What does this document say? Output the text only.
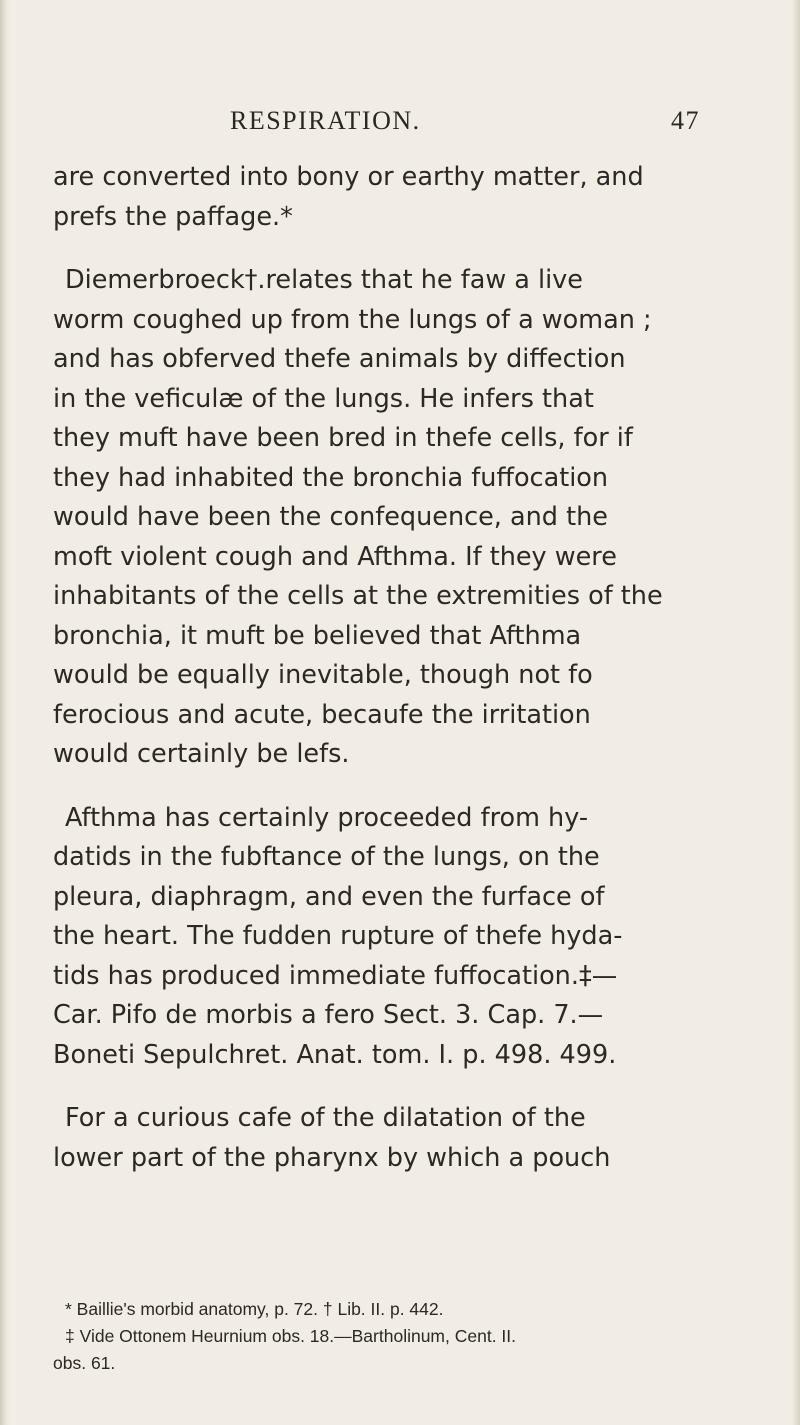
RESPIRATION.	47
are converted into bony or earthy matter, and
prefs the paffage.*
Diemerbroeck†.relates that he faw a live
worm coughed up from the lungs of a woman ;
and has obferved thefe animals by diffection
in the veficulæ of the lungs. He infers that
they muft have been bred in thefe cells, for if
they had inhabited the bronchia fuffocation
would have been the confequence, and the
moft violent cough and Afthma. If they were
inhabitants of the cells at the extremities of the
bronchia, it muft be believed that Afthma
would be equally inevitable, though not fo
ferocious and acute, becaufe the irritation
would certainly be lefs.
Afthma has certainly proceeded from hy-
datids in the fubftance of the lungs, on the
pleura, diaphragm, and even the furface of
the heart. The fudden rupture of thefe hyda-
tids has produced immediate fuffocation.‡—
Car. Pifo de morbis a fero Sect. 3. Cap. 7.—
Boneti Sepulchret. Anat. tom. I. p. 498. 499.
For a curious cafe of the dilatation of the
lower part of the pharynx by which a pouch
* Baillie's morbid anatomy, p. 72. † Lib. II. p. 442.
‡ Vide Ottonem Heurnium obs. 18.—Bartholinum, Cent. II.
obs. 61.
